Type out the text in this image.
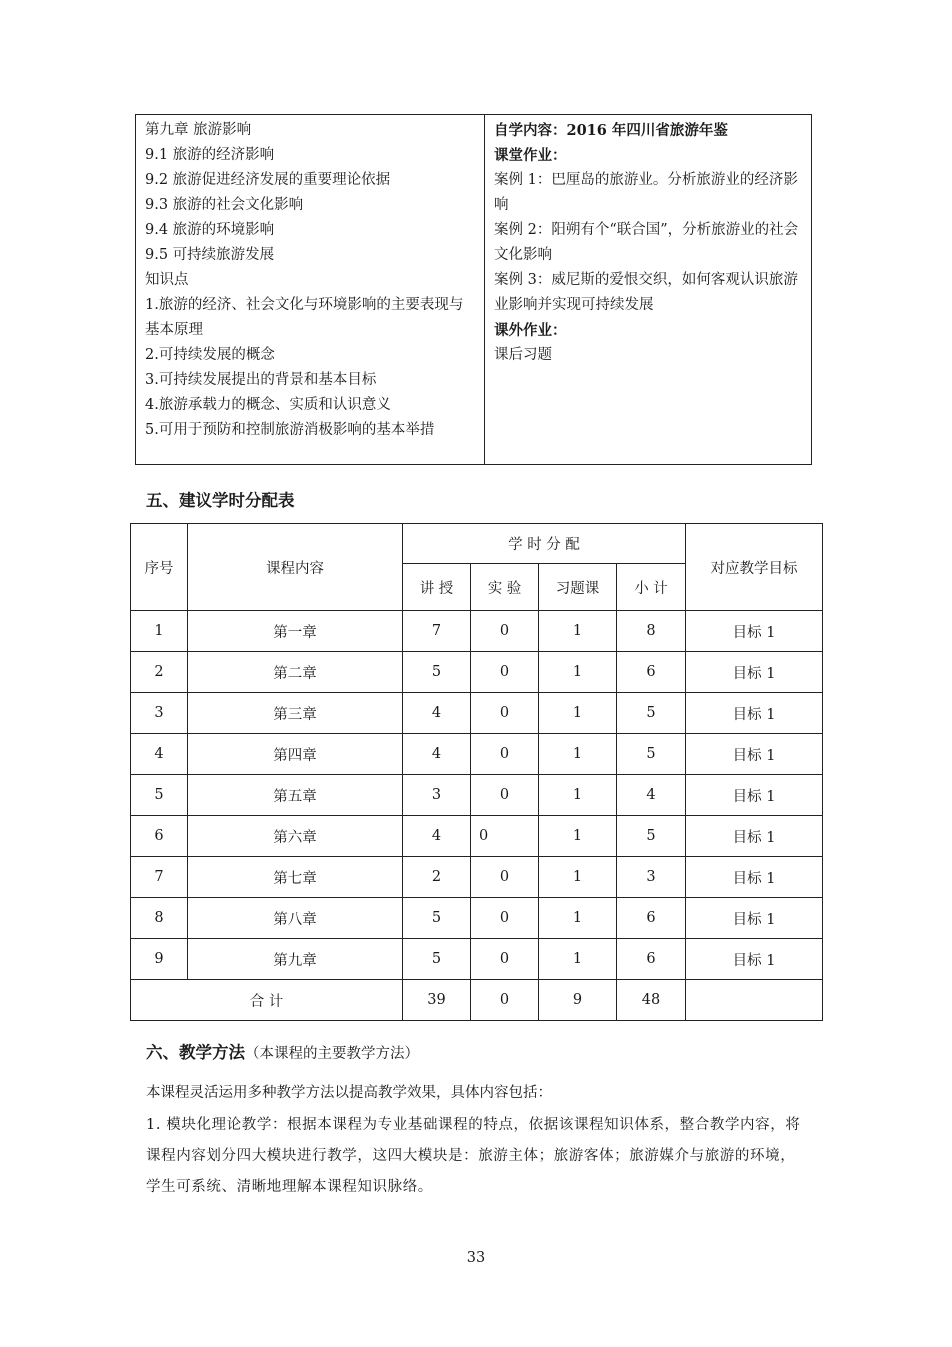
第九章 旅游影响
9.1 旅游的经济影响
9.2 旅游促进经济发展的重要理论依据
9.3 旅游的社会文化影响
9.4 旅游的环境影响
9.5 可持续旅游发展
知识点
1.旅游的经济、社会文化与环境影响的主要表现与基本原理
2.可持续发展的概念
3.可持续发展提出的背景和基本目标
4.旅游承载力的概念、实质和认识意义
5.可用于预防和控制旅游消极影响的基本举措

自学内容：2016 年四川省旅游年鉴
课堂作业：
案例 1：巴厘岛的旅游业。分析旅游业的经济影响
案例 2：阳朔有个“联合国”，分析旅游业的社会文化影响
案例 3：威尼斯的爱恨交织，如何客观认识旅游业影响并实现可持续发展
课外作业：
课后习题
五、建议学时分配表
序号	课程内容	学 时 分 配				对应教学目标
		讲 授	实 验	习题课	小 计	
1	第一章	7	0	1	8	目标 1
2	第二章	5	0	1	6	目标 1
3	第三章	4	0	1	5	目标 1
4	第四章	4	0	1	5	目标 1
5	第五章	3	0	1	4	目标 1
6	第六章	4	0	1	5	目标 1
7	第七章	2	0	1	3	目标 1
8	第八章	5	0	1	6	目标 1
9	第九章	5	0	1	6	目标 1
合 计		39	0	9	48	
六、教学方法（本课程的主要教学方法）
本课程灵活运用多种教学方法以提高教学效果，具体内容包括：
1. 模块化理论教学：根据本课程为专业基础课程的特点，依据该课程知识体系，整合教学内容，将课程内容划分四大模块进行教学，这四大模块是：旅游主体；旅游客体；旅游媒介与旅游的环境，学生可系统、清晰地理解本课程知识脉络。
33
